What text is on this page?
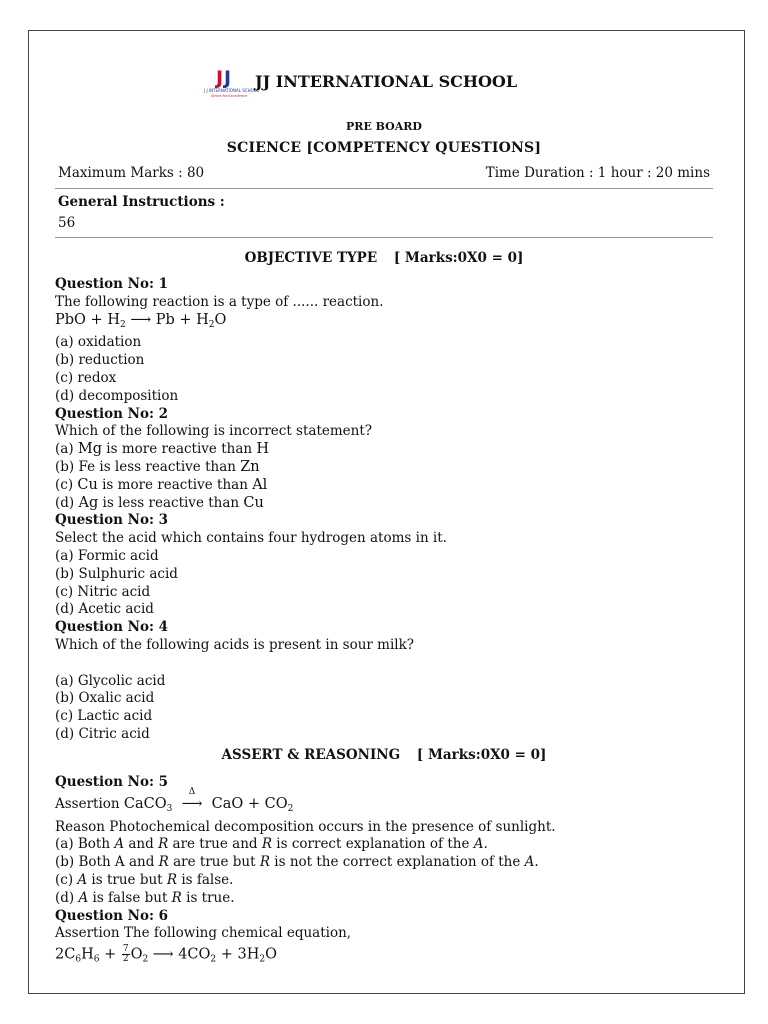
J J
J J INTERNATIONAL SCHOOL
Strive for Excellence
JJ INTERNATIONAL SCHOOL
PRE BOARD
SCIENCE [COMPETENCY QUESTIONS]
Maximum Marks : 80	Time Duration : 1 hour : 20 mins
General Instructions :
56
OBJECTIVE TYPE [ Marks:0X0 = 0]
Question No: 1
The following reaction is a type of ...... reaction.
PbO + $H_2$ ⟶ $Pb + H_2O$
(a) oxidation
(b) reduction
(c) redox
(d) decomposition
Question No: 2
Which of the following is incorrect statement?
(a) Mg is more reactive than H
(b) Fe is less reactive than Zn
(c) Cu is more reactive than Al
(d) Ag is less reactive than Cu
Question No: 3
Select the acid which contains four hydrogen atoms in it.
(a) Formic acid
(b) Sulphuric acid
(c) Nitric acid
(d) Acetic acid
Question No: 4
Which of the following acids is present in sour milk?
(a) Glycolic acid
(b) Oxalic acid
(c) Lactic acid
(d) Citric acid
ASSERT & REASONING [ Marks:0X0 = 0]
Question No: 5
Assertion CaCO$_3$
Δ
⟶ CaO + $CO_2$
Reason Photochemical decomposition occurs in the presence of sunlight.
(a) Both A and R are true and R is correct explanation of the A.
(b) Both A and R are true but R is not the correct explanation of the A.
(c) A is true but R is false.
(d) A is false but R is true.
Question No: 6
Assertion The following chemical equation,
$2C_6H_6 + \frac{7}{2} O_2$ ⟶ $4CO_2 + 3H_2O$
